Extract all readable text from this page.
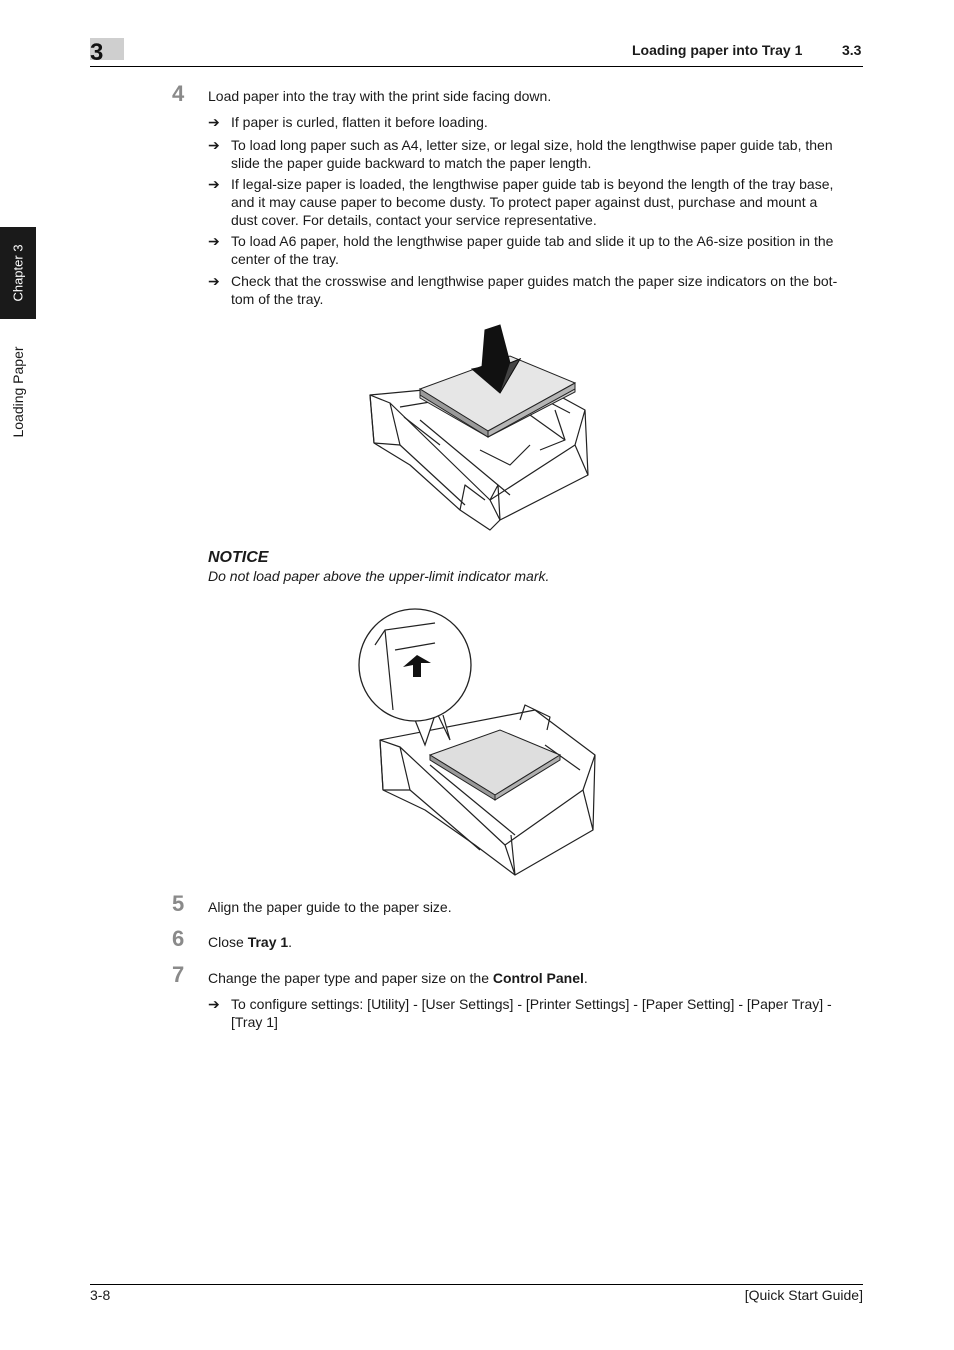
3	Loading paper into Tray 1	3.3
Chapter 3
Loading Paper
4 Load paper into the tray with the print side facing down.
➔ If paper is curled, flatten it before loading.
➔ To load long paper such as A4, letter size, or legal size, hold the lengthwise paper guide tab, then
slide the paper guide backward to match the paper length.
➔ If legal-size paper is loaded, the lengthwise paper guide tab is beyond the length of the tray base,
and it may cause paper to become dusty. To protect paper against dust, purchase and mount a
dust cover. For details, contact your service representative.
➔ To load A6 paper, hold the lengthwise paper guide tab and slide it up to the A6-size position in the
center of the tray.
➔ Check that the crosswise and lengthwise paper guides match the paper size indicators on the bot-
tom of the tray.
NOTICE
Do not load paper above the upper-limit indicator mark.
5 Align the paper guide to the paper size.
6 Close Tray 1.
7 Change the paper type and paper size on the Control Panel.
➔ To configure settings: [Utility] - [User Settings] - [Printer Settings] - [Paper Setting] - [Paper Tray] -
[Tray 1]
3-8	[Quick Start Guide]
